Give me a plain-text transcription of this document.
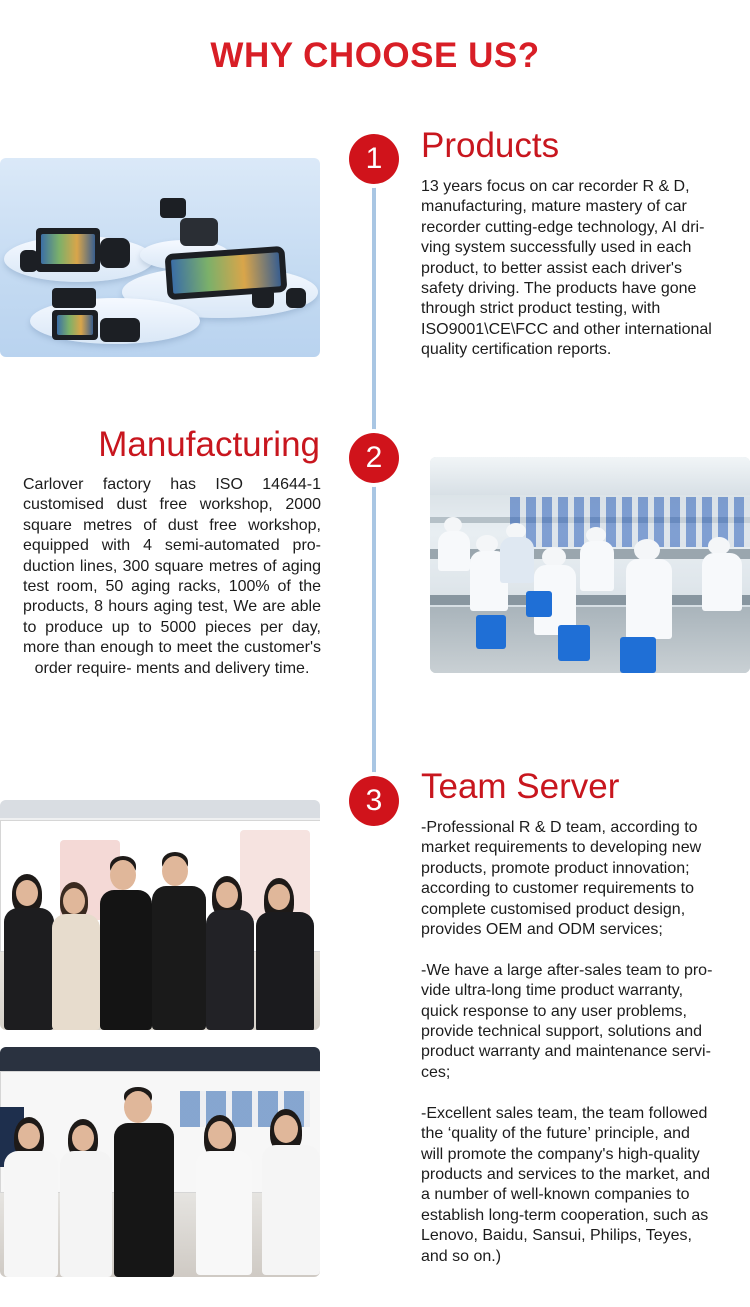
WHY CHOOSE US?
1	Products
13 years focus on car recorder R & D,
manufacturing, mature mastery of car
recorder cutting-edge technology, AI dri-
ving system successfully used in each
product, to better assist each driver's
safety driving. The products have gone
through strict product testing, with
ISO9001\CE\FCC and other international
quality certification reports.
Manufacturing	2
Carlover factory has ISO 14644-1 customised dust free workshop, 2000 square metres of dust free workshop, equipped with 4 semi-automated pro- duction lines, 300 square metres of aging test room, 50 aging racks, 100% of the products, 8 hours aging test, We are able to produce up to 5000 pieces per day, more than enough to meet the customer's order require- ments and delivery time.
3	Team Server
-Professional R & D team, according to
market requirements to developing new
products, promote product innovation;
according to customer requirements to
complete customised product design,
provides OEM and ODM services;

-We have a large after-sales team to pro-
vide ultra-long time product warranty,
quick response to any user problems,
provide technical support, solutions and
product warranty and maintenance servi-
ces;

-Excellent sales team, the team followed
the ‘quality of the future’ principle, and
will promote the company's high-quality
products and services to the market, and
a number of well-known companies to
establish long-term cooperation, such as
Lenovo, Baidu, Sansui, Philips, Teyes,
and so on.)
